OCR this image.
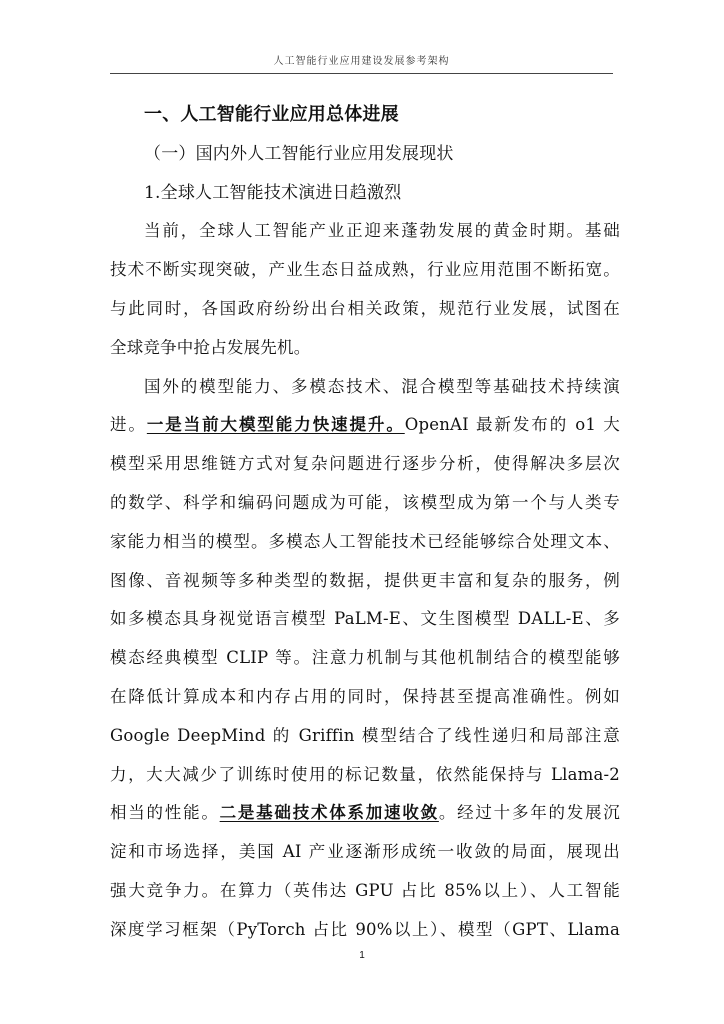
人工智能行业应用建设发展参考架构
一、人工智能行业应用总体进展
（一）国内外人工智能行业应用发展现状
1.全球人工智能技术演进日趋激烈
当前，全球人工智能产业正迎来蓬勃发展的黄金时期。基础
技术不断实现突破，产业生态日益成熟，行业应用范围不断拓宽。
与此同时，各国政府纷纷出台相关政策，规范行业发展，试图在
全球竞争中抢占发展先机。
国外的模型能力、多模态技术、混合模型等基础技术持续演
进。一是当前大模型能力快速提升。OpenAI 最新发布的 o1 大
模型采用思维链方式对复杂问题进行逐步分析，使得解决多层次
的数学、科学和编码问题成为可能，该模型成为第一个与人类专
家能力相当的模型。多模态人工智能技术已经能够综合处理文本、
图像、音视频等多种类型的数据，提供更丰富和复杂的服务，例
如多模态具身视觉语言模型 PaLM-E、文生图模型 DALL-E、多
模态经典模型 CLIP 等。注意力机制与其他机制结合的模型能够
在降低计算成本和内存占用的同时，保持甚至提高准确性。例如
Google DeepMind 的 Griffin 模型结合了线性递归和局部注意
力，大大减少了训练时使用的标记数量，依然能保持与 Llama-2
相当的性能。二是基础技术体系加速收敛。经过十多年的发展沉
淀和市场选择，美国 AI 产业逐渐形成统一收敛的局面，展现出
强大竞争力。在算力（英伟达 GPU 占比 85%以上）、人工智能
深度学习框架（PyTorch 占比 90%以上）、模型（GPT、Llama
1
